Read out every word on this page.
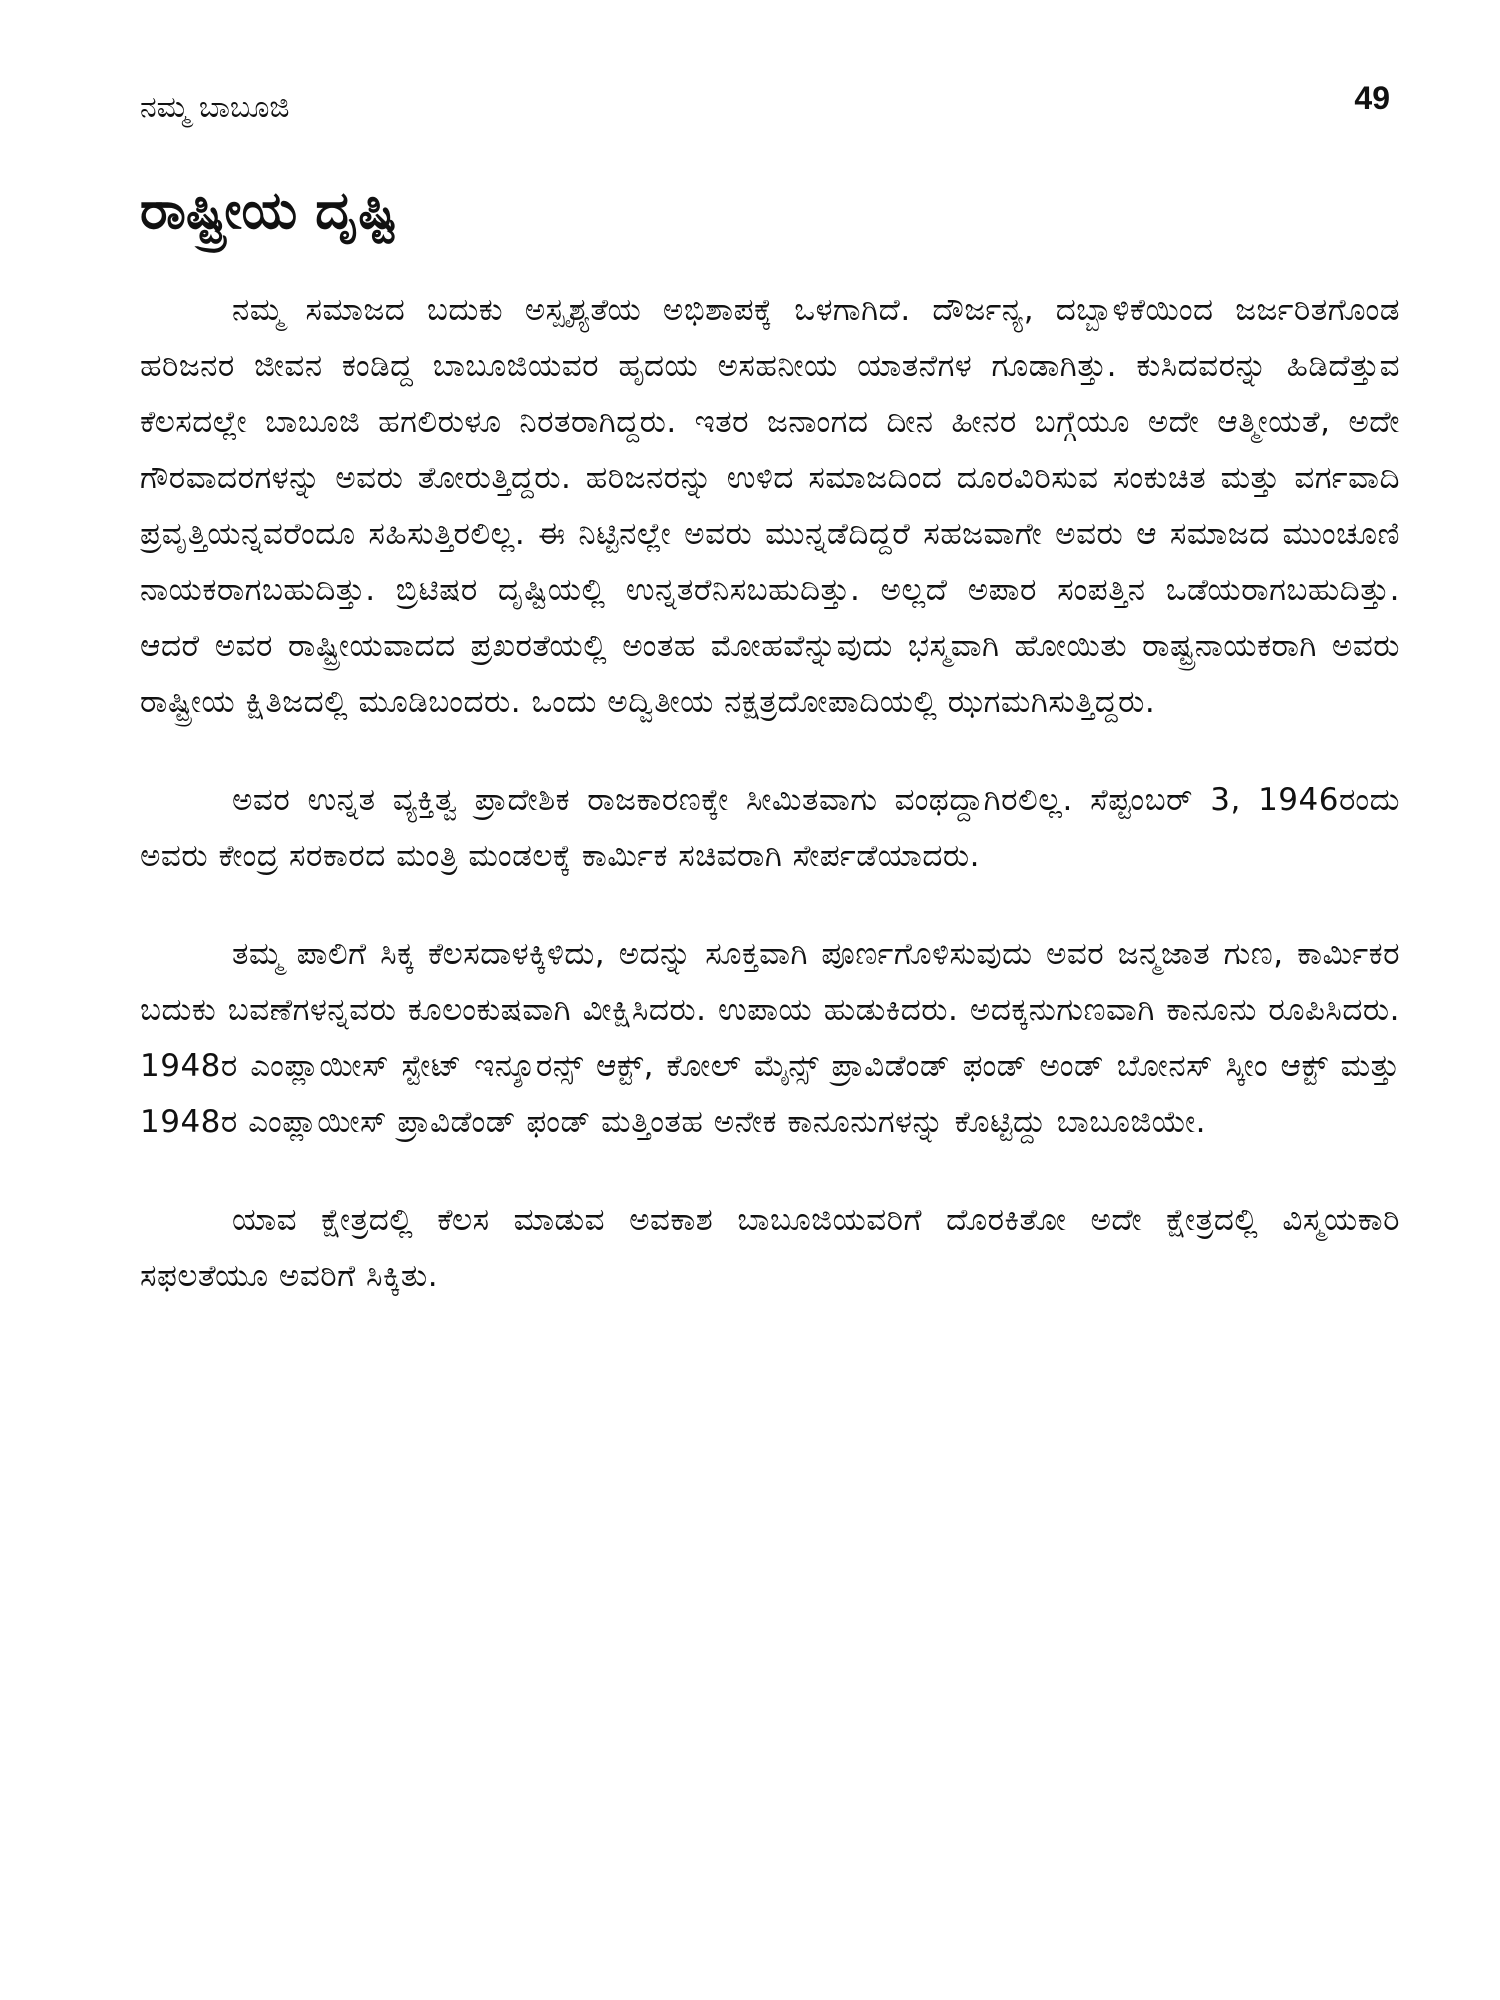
ನಮ್ಮ ಬಾಬೂಜಿ	49
ರಾಷ್ಟ್ರೀಯ ದೃಷ್ಟಿ

ನಮ್ಮ ಸಮಾಜದ ಬದುಕು ಅಸ್ಪೃಶ್ಯತೆಯ ಅಭಿಶಾಪಕ್ಕೆ ಒಳಗಾಗಿದೆ. ದೌರ್ಜನ್ಯ, ದಬ್ಬಾಳಿಕೆಯಿಂದ ಜರ್ಜರಿತಗೊಂಡ ಹರಿಜನರ ಜೀವನ ಕಂಡಿದ್ದ ಬಾಬೂಜಿಯವರ ಹೃದಯ ಅಸಹನೀಯ ಯಾತನೆಗಳ ಗೂಡಾಗಿತ್ತು. ಕುಸಿದವರನ್ನು ಹಿಡಿದೆತ್ತುವ ಕೆಲಸದಲ್ಲೇ ಬಾಬೂಜಿ ಹಗಲಿರುಳೂ ನಿರತರಾಗಿದ್ದರು. ಇತರ ಜನಾಂಗದ ದೀನ ಹೀನರ ಬಗ್ಗೆಯೂ ಅದೇ ಆತ್ಮೀಯತೆ, ಅದೇ ಗೌರವಾದರಗಳನ್ನು ಅವರು ತೋರುತ್ತಿದ್ದರು. ಹರಿಜನರನ್ನು ಉಳಿದ ಸಮಾಜದಿಂದ ದೂರವಿರಿಸುವ ಸಂಕುಚಿತ ಮತ್ತು ವರ್ಗವಾದಿ ಪ್ರವೃತ್ತಿಯನ್ನವರೆಂದೂ ಸಹಿಸುತ್ತಿರಲಿಲ್ಲ. ಈ ನಿಟ್ಟಿನಲ್ಲೇ ಅವರು ಮುನ್ನಡೆದಿದ್ದರೆ ಸಹಜವಾಗೇ ಅವರು ಆ ಸಮಾಜದ ಮುಂಚೂಣಿ ನಾಯಕರಾಗಬಹುದಿತ್ತು. ಬ್ರಿಟಿಷರ ದೃಷ್ಟಿಯಲ್ಲಿ ಉನ್ನತರೆನಿಸಬಹುದಿತ್ತು. ಅಲ್ಲದೆ ಅಪಾರ ಸಂಪತ್ತಿನ ಒಡೆಯರಾಗಬಹುದಿತ್ತು. ಆದರೆ ಅವರ ರಾಷ್ಟ್ರೀಯವಾದದ ಪ್ರಖರತೆಯಲ್ಲಿ ಅಂತಹ ಮೋಹವೆನ್ನುವುದು ಭಸ್ಮವಾಗಿ ಹೋಯಿತು ರಾಷ್ಟ್ರನಾಯಕರಾಗಿ ಅವರು ರಾಷ್ಟ್ರೀಯ ಕ್ಷಿತಿಜದಲ್ಲಿ ಮೂಡಿಬಂದರು. ಒಂದು ಅದ್ವಿತೀಯ ನಕ್ಷತ್ರದೋಪಾದಿಯಲ್ಲಿ ಝಗಮಗಿಸುತ್ತಿದ್ದರು.

ಅವರ ಉನ್ನತ ವ್ಯಕ್ತಿತ್ವ ಪ್ರಾದೇಶಿಕ ರಾಜಕಾರಣಕ್ಕೇ ಸೀಮಿತವಾಗು ವಂಥದ್ದಾಗಿರಲಿಲ್ಲ. ಸೆಪ್ಟಂಬರ್ 3, 1946ರಂದು ಅವರು ಕೇಂದ್ರ ಸರಕಾರದ ಮಂತ್ರಿ ಮಂಡಲಕ್ಕೆ ಕಾರ್ಮಿಕ ಸಚಿವರಾಗಿ ಸೇರ್ಪಡೆಯಾದರು.

ತಮ್ಮ ಪಾಲಿಗೆ ಸಿಕ್ಕ ಕೆಲಸದಾಳಕ್ಕಿಳಿದು, ಅದನ್ನು ಸೂಕ್ತವಾಗಿ ಪೂರ್ಣಗೊಳಿಸುವುದು ಅವರ ಜನ್ಮಜಾತ ಗುಣ, ಕಾರ್ಮಿಕರ ಬದುಕು ಬವಣೆಗಳನ್ನವರು ಕೂಲಂಕುಷವಾಗಿ ವೀಕ್ಷಿಸಿದರು. ಉಪಾಯ ಹುಡುಕಿದರು. ಅದಕ್ಕನುಗುಣವಾಗಿ ಕಾನೂನು ರೂಪಿಸಿದರು. 1948ರ ಎಂಪ್ಲಾಯೀಸ್ ಸ್ಟೇಟ್ ಇನ್ಶೂರನ್ಸ್ ಆಕ್ಟ್, ಕೋಲ್ ಮೈನ್ಸ್ ಪ್ರಾವಿಡೆಂಡ್ ಫಂಡ್ ಅಂಡ್ ಬೋನಸ್ ಸ್ಕೀಂ ಆಕ್ಟ್ ಮತ್ತು 1948ರ ಎಂಪ್ಲಾಯೀಸ್ ಪ್ರಾವಿಡೆಂಡ್ ಫಂಡ್ ಮತ್ತಿಂತಹ ಅನೇಕ ಕಾನೂನುಗಳನ್ನು ಕೊಟ್ಟಿದ್ದು ಬಾಬೂಜಿಯೇ.

ಯಾವ ಕ್ಷೇತ್ರದಲ್ಲಿ ಕೆಲಸ ಮಾಡುವ ಅವಕಾಶ ಬಾಬೂಜಿಯವರಿಗೆ ದೊರಕಿತೋ ಅದೇ ಕ್ಷೇತ್ರದಲ್ಲಿ ವಿಸ್ಮಯಕಾರಿ ಸಫಲತೆಯೂ ಅವರಿಗೆ ಸಿಕ್ಕಿತು.
